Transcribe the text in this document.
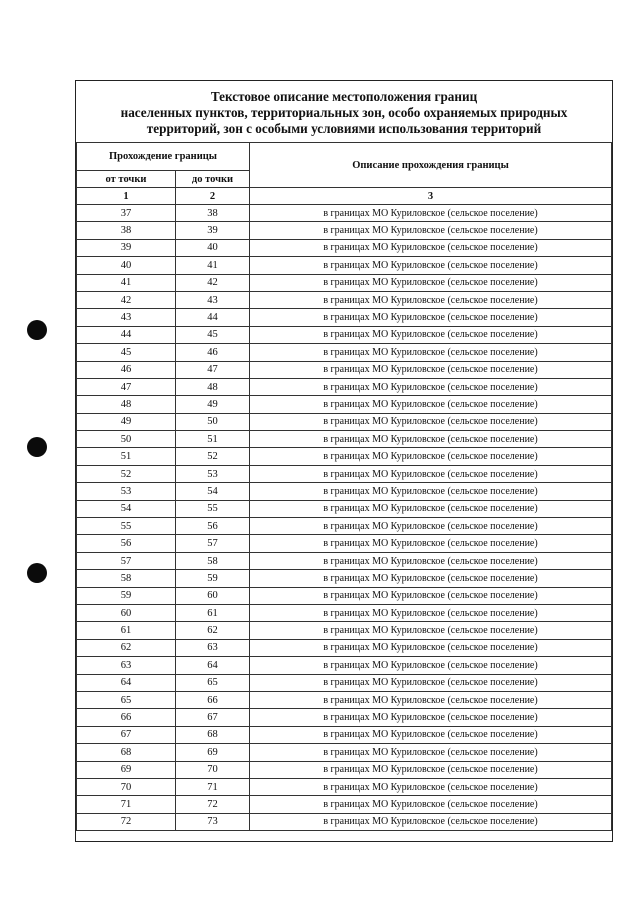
Текстовое описание местоположения границ
населенных пунктов, территориальных зон, особо охраняемых природных
территорий, зон с особыми условиями использования территорий
Прохождение границы		Описание прохождения границы
от точки	до точки	
1	2	3
37	38	в границах МО Куриловское (сельское поселение)
38	39	в границах МО Куриловское (сельское поселение)
39	40	в границах МО Куриловское (сельское поселение)
40	41	в границах МО Куриловское (сельское поселение)
41	42	в границах МО Куриловское (сельское поселение)
42	43	в границах МО Куриловское (сельское поселение)
43	44	в границах МО Куриловское (сельское поселение)
44	45	в границах МО Куриловское (сельское поселение)
45	46	в границах МО Куриловское (сельское поселение)
46	47	в границах МО Куриловское (сельское поселение)
47	48	в границах МО Куриловское (сельское поселение)
48	49	в границах МО Куриловское (сельское поселение)
49	50	в границах МО Куриловское (сельское поселение)
50	51	в границах МО Куриловское (сельское поселение)
51	52	в границах МО Куриловское (сельское поселение)
52	53	в границах МО Куриловское (сельское поселение)
53	54	в границах МО Куриловское (сельское поселение)
54	55	в границах МО Куриловское (сельское поселение)
55	56	в границах МО Куриловское (сельское поселение)
56	57	в границах МО Куриловское (сельское поселение)
57	58	в границах МО Куриловское (сельское поселение)
58	59	в границах МО Куриловское (сельское поселение)
59	60	в границах МО Куриловское (сельское поселение)
60	61	в границах МО Куриловское (сельское поселение)
61	62	в границах МО Куриловское (сельское поселение)
62	63	в границах МО Куриловское (сельское поселение)
63	64	в границах МО Куриловское (сельское поселение)
64	65	в границах МО Куриловское (сельское поселение)
65	66	в границах МО Куриловское (сельское поселение)
66	67	в границах МО Куриловское (сельское поселение)
67	68	в границах МО Куриловское (сельское поселение)
68	69	в границах МО Куриловское (сельское поселение)
69	70	в границах МО Куриловское (сельское поселение)
70	71	в границах МО Куриловское (сельское поселение)
71	72	в границах МО Куриловское (сельское поселение)
72	73	в границах МО Куриловское (сельское поселение)
